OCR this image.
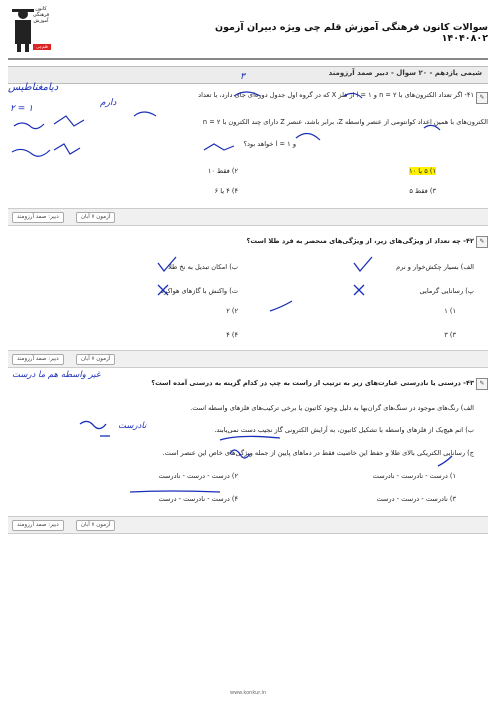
کانون
فرهنگی
آموزش
قلم‌چی
سوالات کانون فرهنگی آموزش قلم چی ویژه دبیران آزمون ۱۴۰۴۰۸۰۲
شیمی یازدهم - ۲۰ سوال - دبیر صمد آرزومند
✎
۴۱- اگر تعداد الکترون‌های با ۲ = n و ۱ = l از فلز X که در گروه اول جدول دوره‌ای جای دارد، با تعداد
الکترون‌های با همین اعداد کوانتومی از عنصر واسطه Z، برابر باشد، عنصر Z دارای چند الکترون با ۲ = n
و ۱ = l خواهد بود؟
۱) ۵ یا ۱۰
۲) فقط ۱۰
۳) فقط ۵
۴) ۴ یا ۶
دبیر: صمد آرزومند	آزمون ۷ آبان
دیامغناطیس
دارم
۲ = ۱
۳
✎
۴۲- چه تعداد از ویژگی‌های زیر، از ویژگی‌های منحصر به فرد طلا است؟
الف) بسیار چکش‌خوار و نرم
ب) امکان تبدیل به نخ طلا
پ) رسانایی گرمایی
ت) واکنش با گازهای هواکره
۱) ۱
۲) ۲
۳) ۳
۴) ۴
دبیر: صمد آرزومند	آزمون ۷ آبان
✎
۴۳- درستی یا نادرستی عبارت‌های زیر به ترتیب از راست به چپ در کدام گزینه به درستی آمده است؟
الف) رنگ‌های موجود در سنگ‌های گران‌بها به دلیل وجود کاتیون یا برخی ترکیب‌های فلزهای واسطه است.
ب) اتم هیچ‌یک از فلزهای واسطه با تشکیل کاتیون، به آرایش الکترونی گاز نجیب دست نمی‌یابند.
ج) رسانایی الکتریکی بالای طلا و حفظ این خاصیت فقط در دماهای پایین از جمله ویژگی‌های خاص این عنصر است.
۱) درست - نادرست - نادرست
۲) درست - درست - نادرست
۳) نادرست - درست - درست
۴) درست - نادرست - درست
غیر واسطه هم ما درست
نادرست
دبیر: صمد آرزومند	آزمون ۷ آبان
www.konkur.in
